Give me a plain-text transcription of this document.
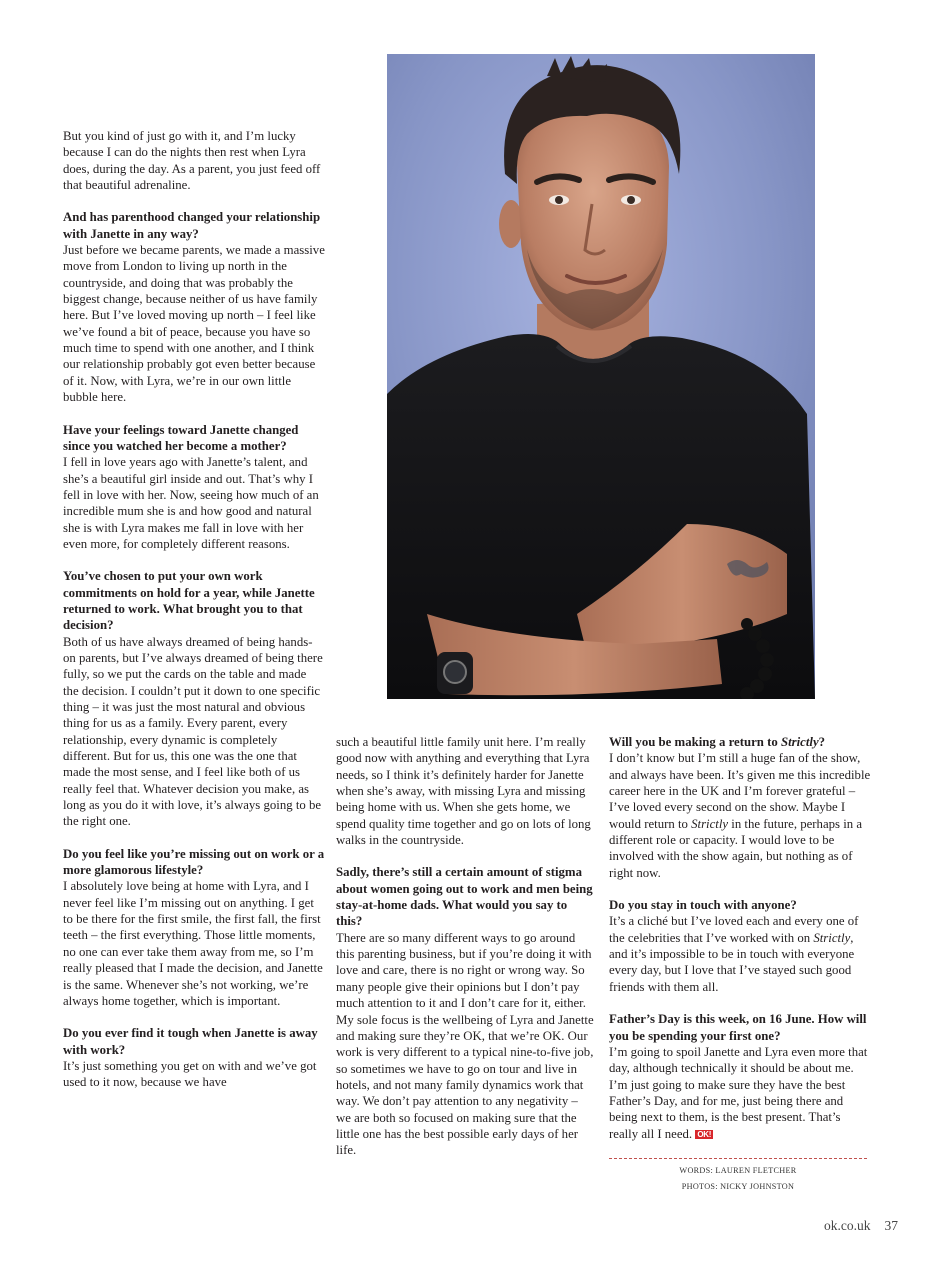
But you kind of just go with it, and I’m lucky because I can do the nights then rest when Lyra does, during the day. As a parent, you just feed off that beautiful adrenaline.

And has parenthood changed your relationship with Janette in any way?

Just before we became parents, we made a massive move from London to living up north in the countryside, and doing that was probably the biggest change, because neither of us have family here. But I’ve loved moving up north – I feel like we’ve found a bit of peace, because you have so much time to spend with one another, and I think our relationship probably got even better because of it. Now, with Lyra, we’re in our own little bubble here.

Have your feelings toward Janette changed since you watched her become a mother?

I fell in love years ago with Janette’s talent, and she’s a beautiful girl inside and out. That’s why I fell in love with her. Now, seeing how much of an incredible mum she is and how good and natural she is with Lyra makes me fall in love with her even more, for completely different reasons.

You’ve chosen to put your own work commitments on hold for a year, while Janette returned to work. What brought you to that decision?

Both of us have always dreamed of being hands-on parents, but I’ve always dreamed of being there fully, so we put the cards on the table and made the decision. I couldn’t put it down to one specific thing – it was just the most natural and obvious thing for us as a family. Every parent, every relationship, every dynamic is completely different. But for us, this one was the one that made the most sense, and I feel like both of us really feel that. Whatever decision you make, as long as you do it with love, it’s always going to be the right one.

Do you feel like you’re missing out on work or a more glamorous lifestyle?

I absolutely love being at home with Lyra, and I never feel like I’m missing out on anything. I get to be there for the first smile, the first fall, the first teeth – the first everything. Those little moments, no one can ever take them away from me, so I’m really pleased that I made the decision, and Janette is the same. Whenever she’s not working, we’re always home together, which is important.

Do you ever find it tough when Janette is away with work?

It’s just something you get on with and we’ve got used to it now, because we have

such a beautiful little family unit here. I’m really good now with anything and everything that Lyra needs, so I think it’s definitely harder for Janette when she’s away, with missing Lyra and missing being home with us. When she gets home, we spend quality time together and go on lots of long walks in the countryside.

Sadly, there’s still a certain amount of stigma about women going out to work and men being stay-at-home dads. What would you say to this?

There are so many different ways to go around this parenting business, but if you’re doing it with love and care, there is no right or wrong way. So many people give their opinions but I don’t pay much attention to it and I don’t care for it, either. My sole focus is the wellbeing of Lyra and Janette and making sure they’re OK, that we’re OK. Our work is very different to a typical nine-to-five job, so sometimes we have to go on tour and live in hotels, and not many family dynamics work that way. We don’t pay attention to any negativity – we are both so focused on making sure that the little one has the best possible early days of her life.

Will you be making a return to Strictly?

I don’t know but I’m still a huge fan of the show, and always have been. It’s given me this incredible career here in the UK and I’m forever grateful – I’ve loved every second on the show. Maybe I would return to Strictly in the future, perhaps in a different role or capacity. I would love to be involved with the show again, but nothing as of right now.

Do you stay in touch with anyone?

It’s a cliché but I’ve loved each and every one of the celebrities that I’ve worked with on Strictly, and it’s impossible to be in touch with everyone every day, but I love that I’ve stayed such good friends with them all.

Father’s Day is this week, on 16 June. How will you be spending your first one?

I’m going to spoil Janette and Lyra even more that day, although technically it should be about me. I’m just going to make sure they have the best Father’s Day, and for me, just being there and being next to them, is the best present. That’s really all I need. OK!

WORDS: LAUREN FLETCHER
PHOTOS: NICKY JOHNSTON
ok.co.uk 37
